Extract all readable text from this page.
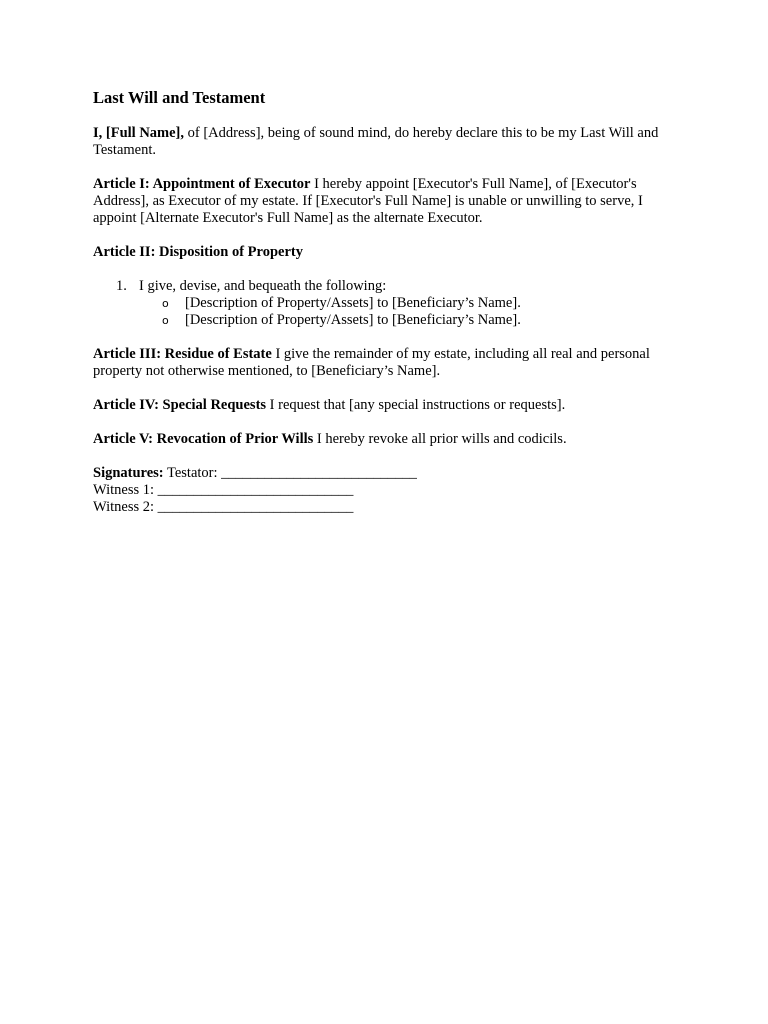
Last Will and Testament

I, [Full Name], of [Address], being of sound mind, do hereby declare this to be my Last Will and Testament.

Article I: Appointment of Executor I hereby appoint [Executor's Full Name], of [Executor's Address], as Executor of my estate. If [Executor's Full Name] is unable or unwilling to serve, I appoint [Alternate Executor's Full Name] as the alternate Executor.

Article II: Disposition of Property

1. I give, devise, and bequeath the following:
o [Description of Property/Assets] to [Beneficiary’s Name].
o [Description of Property/Assets] to [Beneficiary’s Name].

Article III: Residue of Estate I give the remainder of my estate, including all real and personal property not otherwise mentioned, to [Beneficiary’s Name].

Article IV: Special Requests I request that [any special instructions or requests].

Article V: Revocation of Prior Wills I hereby revoke all prior wills and codicils.

Signatures: Testator: ___________________________
Witness 1: ___________________________
Witness 2: ___________________________
